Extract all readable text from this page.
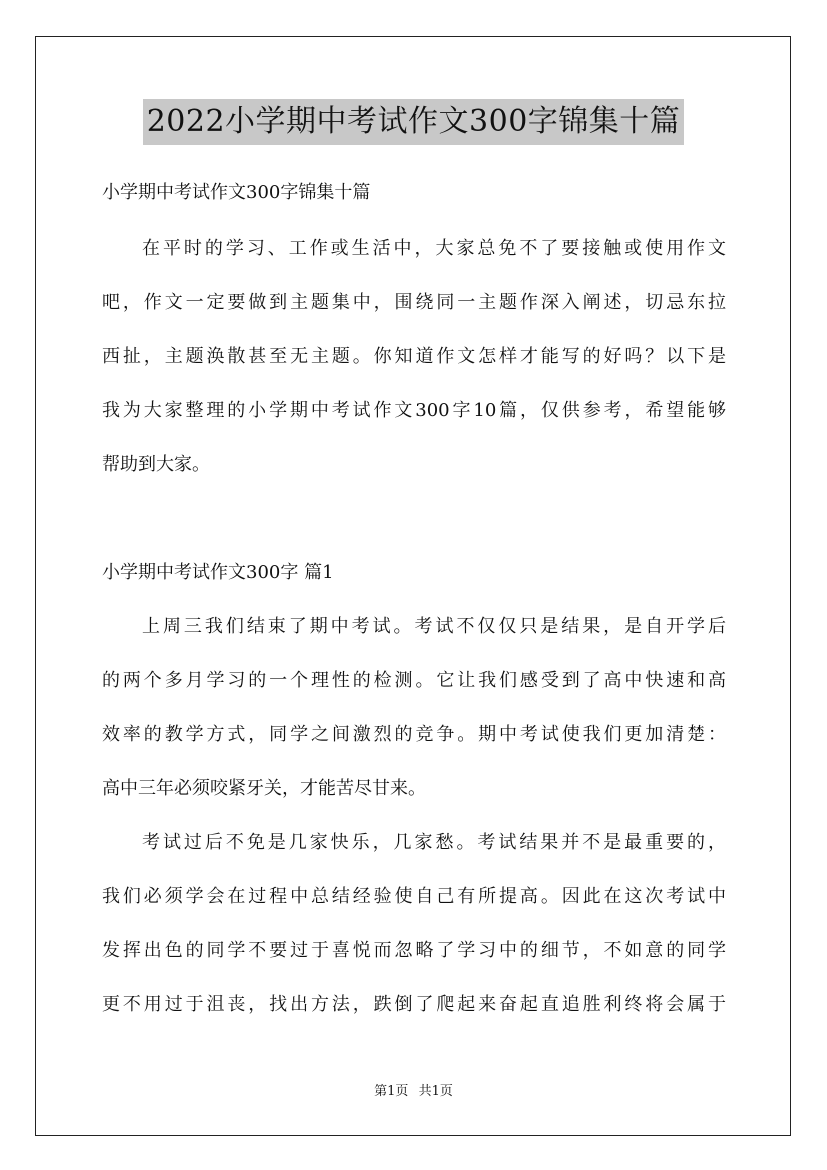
2022小学期中考试作文300字锦集十篇
小学期中考试作文300字锦集十篇
在平时的学习、工作或生活中，大家总免不了要接触或使用作文
吧，作文一定要做到主题集中，围绕同一主题作深入阐述，切忌东拉
西扯，主题涣散甚至无主题。你知道作文怎样才能写的好吗？以下是
我为大家整理的小学期中考试作文300字10篇，仅供参考，希望能够
帮助到大家。
小学期中考试作文300字 篇1
上周三我们结束了期中考试。考试不仅仅只是结果，是自开学后
的两个多月学习的一个理性的检测。它让我们感受到了高中快速和高
效率的教学方式，同学之间激烈的竞争。期中考试使我们更加清楚：
高中三年必须咬紧牙关，才能苦尽甘来。
考试过后不免是几家快乐，几家愁。考试结果并不是最重要的，
我们必须学会在过程中总结经验使自己有所提高。因此在这次考试中
发挥出色的同学不要过于喜悦而忽略了学习中的细节，不如意的同学
更不用过于沮丧，找出方法，跌倒了爬起来奋起直追胜利终将会属于
第1页 共1页
